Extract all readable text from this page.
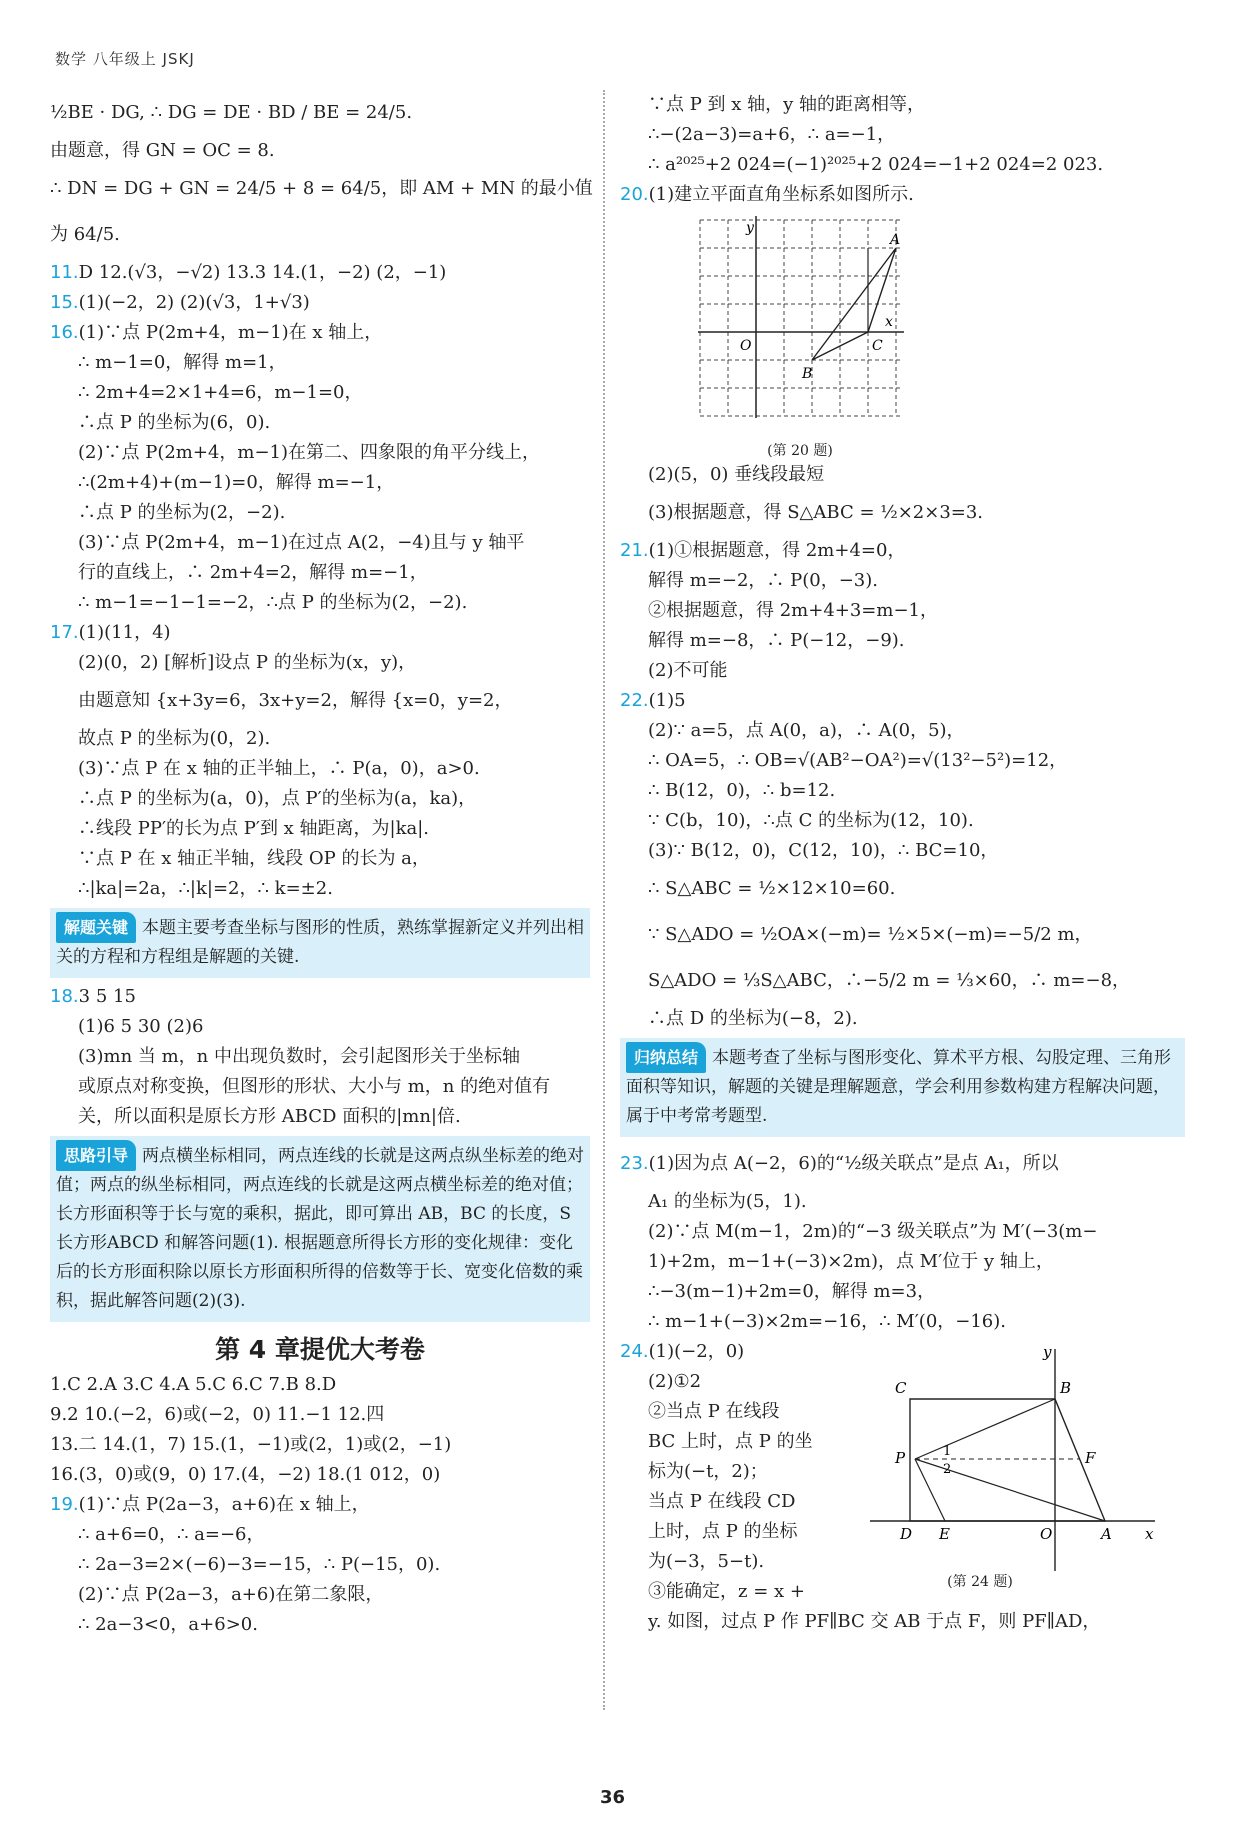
数学 八年级上 JSKJ
½BE · DG, ∴ DG = DE · BD / BE = 24/5.
由题意，得 GN = OC = 8.
∴ DN = DG + GN = 24/5 + 8 = 64/5，即 AM + MN 的最小值
为 64/5.
11.D 12.(√3，−√2) 13.3 14.(1，−2) (2，−1)
15.(1)(−2，2) (2)(√3，1+√3)
16.(1)∵点 P(2m+4，m−1)在 x 轴上，
∴ m−1=0，解得 m=1，
∴ 2m+4=2×1+4=6，m−1=0，
∴点 P 的坐标为(6，0).
(2)∵点 P(2m+4，m−1)在第二、四象限的角平分线上，
∴(2m+4)+(m−1)=0，解得 m=−1，
∴点 P 的坐标为(2，−2).
(3)∵点 P(2m+4，m−1)在过点 A(2，−4)且与 y 轴平
行的直线上，∴ 2m+4=2，解得 m=−1，
∴ m−1=−1−1=−2，∴点 P 的坐标为(2，−2).
17.(1)(11，4)
(2)(0，2) [解析]设点 P 的坐标为(x，y)，
由题意知 {x+3y=6，3x+y=2，解得 {x=0，y=2，
故点 P 的坐标为(0，2).
(3)∵点 P 在 x 轴的正半轴上，∴ P(a，0)，a>0.
∴点 P 的坐标为(a，0)，点 P′的坐标为(a，ka)，
∴线段 PP′的长为点 P′到 x 轴距离，为|ka|.
∵点 P 在 x 轴正半轴，线段 OP 的长为 a，
∴|ka|=2a，∴|k|=2，∴ k=±2.
解题关键 本题主要考查坐标与图形的性质，熟练掌握新定义并列出相关的方程和方程组是解题的关键.
18.3 5 15
(1)6 5 30 (2)6
(3)mn 当 m，n 中出现负数时，会引起图形关于坐标轴
或原点对称变换，但图形的形状、大小与 m，n 的绝对值有
关，所以面积是原长方形 ABCD 面积的|mn|倍.
思路引导 两点横坐标相同，两点连线的长就是这两点纵坐标差的绝对值；两点的纵坐标相同，两点连线的长就是这两点横坐标差的绝对值；长方形面积等于长与宽的乘积，据此，即可算出 AB，BC 的长度，S长方形ABCD 和解答问题(1). 根据题意所得长方形的变化规律：变化后的长方形面积除以原长方形面积所得的倍数等于长、宽变化倍数的乘积，据此解答问题(2)(3).
第 4 章提优大考卷
1.C 2.A 3.C 4.A 5.C 6.C 7.B 8.D
9.2 10.(−2，6)或(−2，0) 11.−1 12.四
13.二 14.(1，7) 15.(1，−1)或(2，1)或(2，−1)
16.(3，0)或(9，0) 17.(4，−2) 18.(1 012，0)
19.(1)∵点 P(2a−3，a+6)在 x 轴上，
∴ a+6=0，∴ a=−6，
∴ 2a−3=2×(−6)−3=−15，∴ P(−15，0).
(2)∵点 P(2a−3，a+6)在第二象限，
∴ 2a−3<0，a+6>0.
∵点 P 到 x 轴，y 轴的距离相等，
∴−(2a−3)=a+6，∴ a=−1，
∴ a²⁰²⁵+2 024=(−1)²⁰²⁵+2 024=−1+2 024=2 023.
20.(1)建立平面直角坐标系如图所示.
y
x
O
A
B
C
(第 20 题)
(2)(5，0) 垂线段最短
(3)根据题意，得 S△ABC = ½×2×3=3.
21.(1)①根据题意，得 2m+4=0，
解得 m=−2，∴ P(0，−3).
②根据题意，得 2m+4+3=m−1，
解得 m=−8，∴ P(−12，−9).
(2)不可能
22.(1)5
(2)∵ a=5，点 A(0，a)，∴ A(0，5)，
∴ OA=5，∴ OB=√(AB²−OA²)=√(13²−5²)=12，
∴ B(12，0)，∴ b=12.
∵ C(b，10)，∴点 C 的坐标为(12，10).
(3)∵ B(12，0)，C(12，10)，∴ BC=10，
∴ S△ABC = ½×12×10=60.
∵ S△ADO = ½OA×(−m)= ½×5×(−m)=−5/2 m，
S△ADO = ⅓S△ABC，∴−5/2 m = ⅓×60，∴ m=−8，
∴点 D 的坐标为(−8，2).
归纳总结 本题考查了坐标与图形变化、算术平方根、勾股定理、三角形面积等知识，解题的关键是理解题意，学会利用参数构建方程解决问题，属于中考常考题型.
23.(1)因为点 A(−2，6)的“½级关联点”是点 A₁，所以
A₁ 的坐标为(5，1).
(2)∵点 M(m−1，2m)的“−3 级关联点”为 M′(−3(m−
1)+2m，m−1+(−3)×2m)，点 M′位于 y 轴上，
∴−3(m−1)+2m=0，解得 m=3，
∴ m−1+(−3)×2m=−16，∴ M′(0，−16).
24.(1)(−2，0)
(2)①2
②当点 P 在线段
BC 上时，点 P 的坐
标为(−t，2)；
当点 P 在线段 CD
上时，点 P 的坐标
为(−3，5−t).
③能确定，z = x +
y. 如图，过点 P 作 PF∥BC 交 AB 于点 F，则 PF∥AD，
y
x
B
C
P	F
D E	O	A
1
2
(第 24 题)
36
